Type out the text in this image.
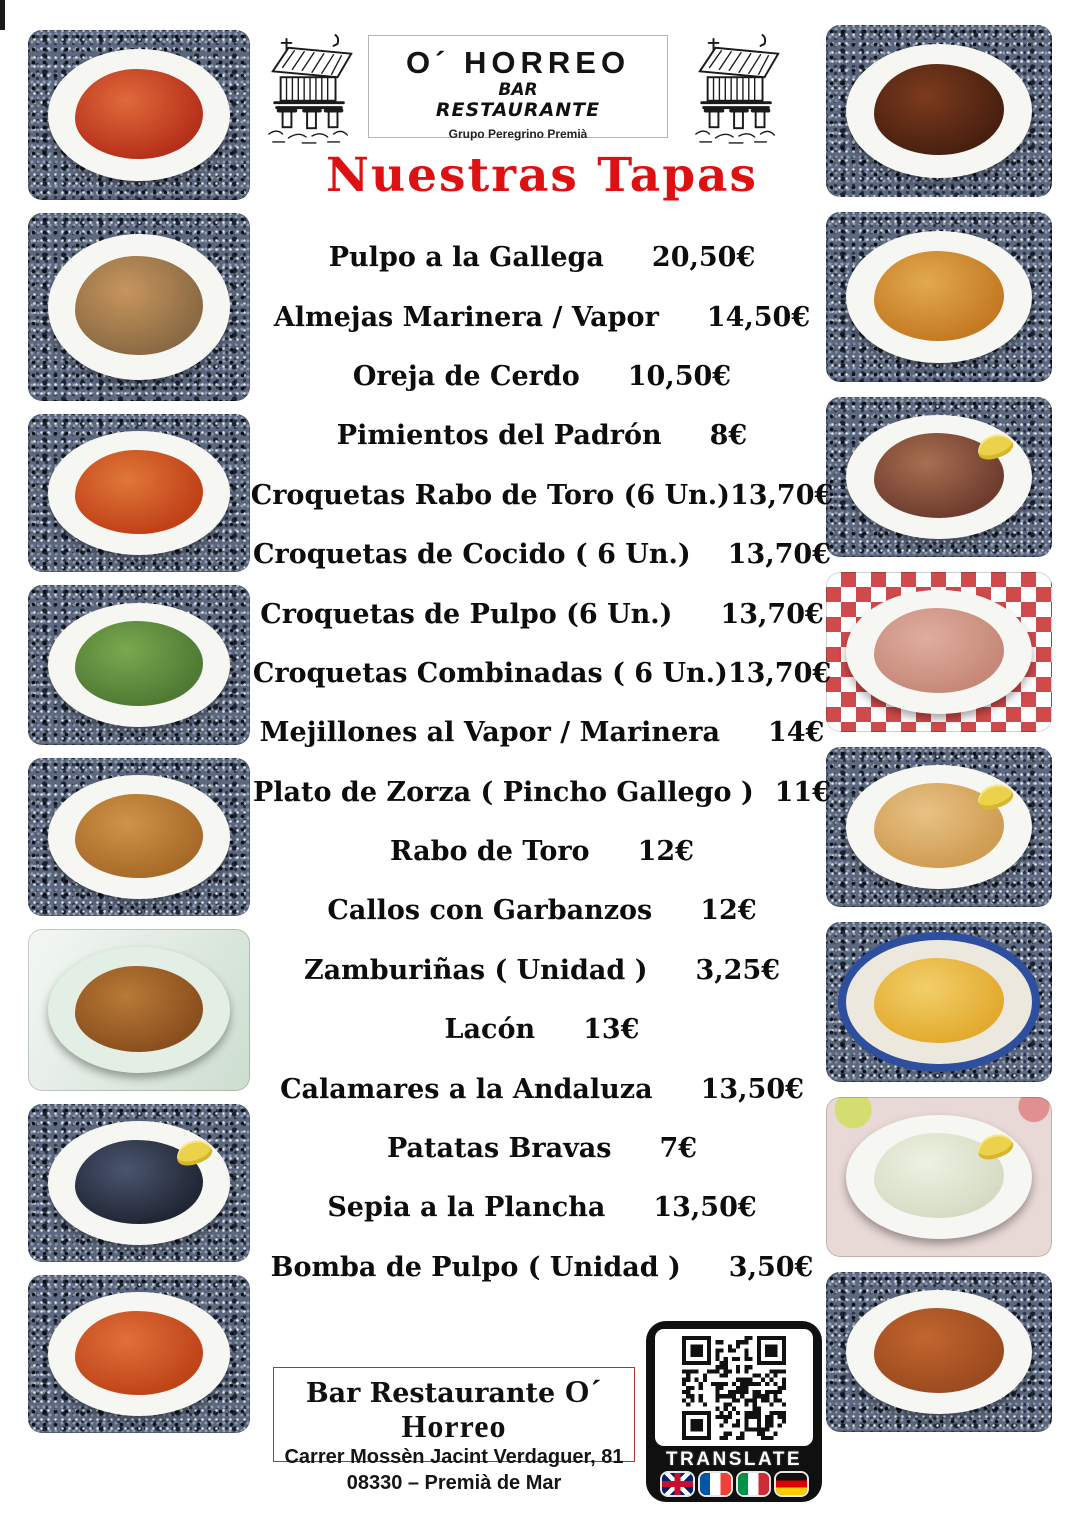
O´ HORREO
BAR
RESTAURANTE
Grupo Peregrino Premià
Nuestras Tapas
Pulpo a la Gallega 20,50€
Almejas Marinera / Vapor 14,50€
Oreja de Cerdo 10,50€
Pimientos del Padrón 8€
Croquetas Rabo de Toro (6 Un.) 13,70€
Croquetas de Cocido ( 6 Un.) 13,70€
Croquetas de Pulpo (6 Un.) 13,70€
Croquetas Combinadas ( 6 Un.) 13,70€
Mejillones al Vapor / Marinera 14€
Plato de Zorza ( Pincho Gallego ) 11€
Rabo de Toro 12€
Callos con Garbanzos 12€
Zamburiñas ( Unidad ) 3,25€
Lacón 13€
Calamares a la Andaluza 13,50€
Patatas Bravas 7€
Sepia a la Plancha 13,50€
Bomba de Pulpo ( Unidad ) 3,50€
Bar Restaurante O´ Horreo
Carrer Mossèn Jacint Verdaguer, 81
08330 – Premià de Mar
TRANSLATE
